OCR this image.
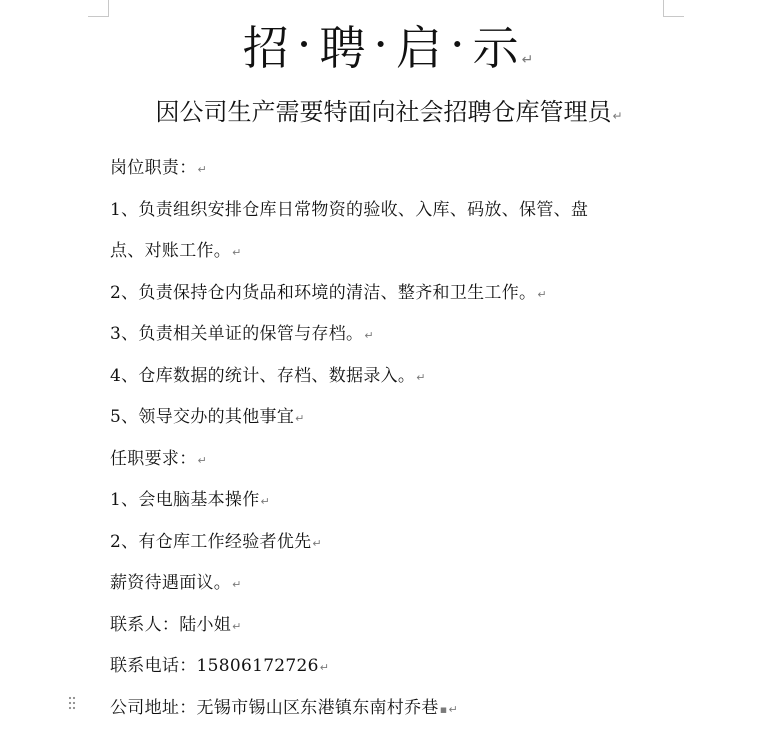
招 · 聘 · 启 · 示↵
因公司生产需要特面向社会招聘仓库管理员↵
岗位职责：↵
1、负责组织安排仓库日常物资的验收、入库、码放、保管、盘
点、对账工作。↵
2、负责保持仓内货品和环境的清洁、整齐和卫生工作。↵
3、负责相关单证的保管与存档。↵
4、仓库数据的统计、存档、数据录入。↵
5、领导交办的其他事宜↵
任职要求：↵
1、会电脑基本操作↵
2、有仓库工作经验者优先↵
薪资待遇面议。↵
联系人：陆小姐↵
联系电话：15806172726↵
公司地址：无锡市锡山区东港镇东南村乔巷▪↵
